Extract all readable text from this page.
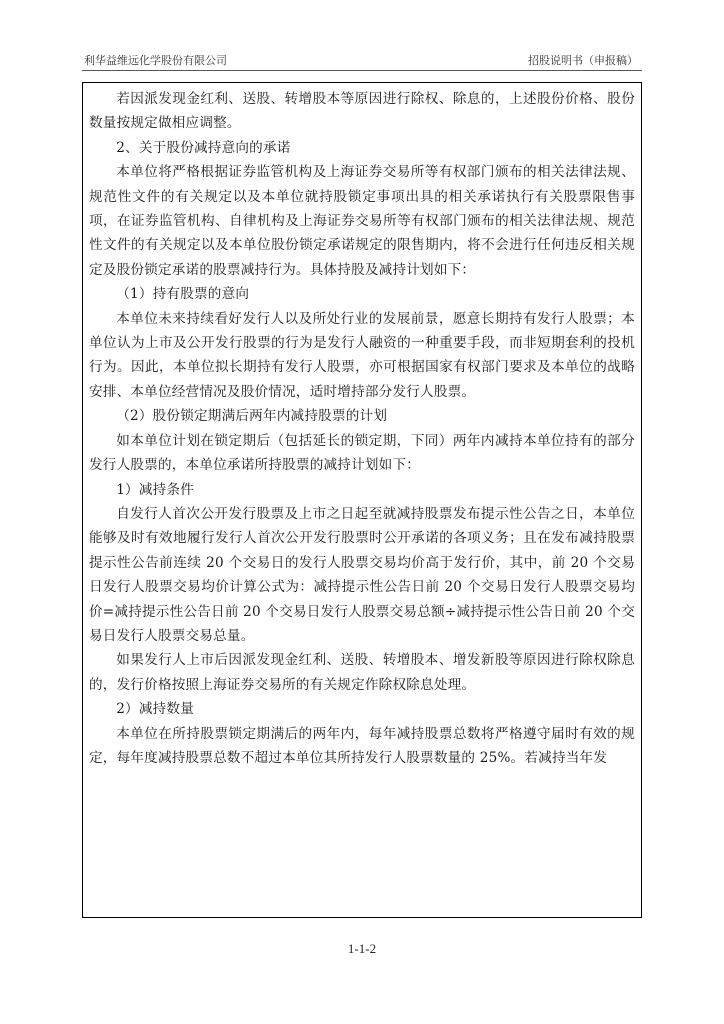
利华益维远化学股份有限公司	招股说明书（申报稿）

若因派发现金红利、送股、转增股本等原因进行除权、除息的，上述股份价格、股份数量按规定做相应调整。

2、关于股份减持意向的承诺

本单位将严格根据证券监管机构及上海证券交易所等有权部门颁布的相关法律法规、规范性文件的有关规定以及本单位就持股锁定事项出具的相关承诺执行有关股票限售事项，在证券监管机构、自律机构及上海证券交易所等有权部门颁布的相关法律法规、规范性文件的有关规定以及本单位股份锁定承诺规定的限售期内，将不会进行任何违反相关规定及股份锁定承诺的股票减持行为。具体持股及减持计划如下：

（1）持有股票的意向

本单位未来持续看好发行人以及所处行业的发展前景，愿意长期持有发行人股票；本单位认为上市及公开发行股票的行为是发行人融资的一种重要手段，而非短期套利的投机行为。因此，本单位拟长期持有发行人股票，亦可根据国家有权部门要求及本单位的战略安排、本单位经营情况及股价情况，适时增持部分发行人股票。

（2）股份锁定期满后两年内减持股票的计划

如本单位计划在锁定期后（包括延长的锁定期，下同）两年内减持本单位持有的部分发行人股票的，本单位承诺所持股票的减持计划如下：

1）减持条件

自发行人首次公开发行股票及上市之日起至就减持股票发布提示性公告之日，本单位能够及时有效地履行发行人首次公开发行股票时公开承诺的各项义务；且在发布减持股票提示性公告前连续 20 个交易日的发行人股票交易均价高于发行价，其中，前 20 个交易日发行人股票交易均价计算公式为：减持提示性公告日前 20 个交易日发行人股票交易均价=减持提示性公告日前 20 个交易日发行人股票交易总额÷减持提示性公告日前 20 个交易日发行人股票交易总量。

如果发行人上市后因派发现金红利、送股、转增股本、增发新股等原因进行除权除息的，发行价格按照上海证券交易所的有关规定作除权除息处理。

2）减持数量

本单位在所持股票锁定期满后的两年内，每年减持股票总数将严格遵守届时有效的规定，每年度减持股票总数不超过本单位其所持发行人股票数量的 25%。若减持当年发

1-1-2
